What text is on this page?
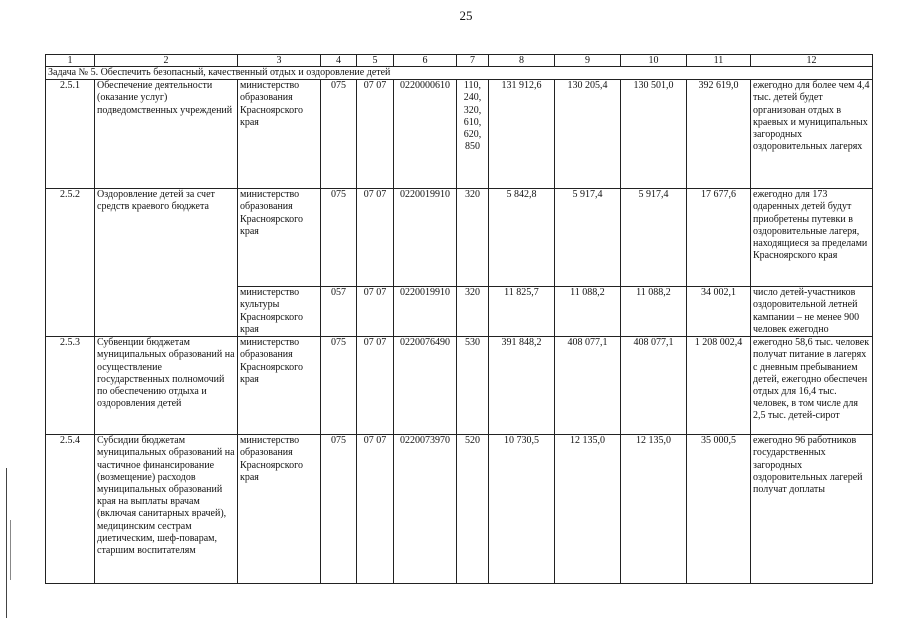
25
1	2	3	4	5	6	7	8	9	10	11	12
Задача № 5. Обеспечить безопасный, качественный отдых и оздоровление детей											
2.5.1	Обеспечение деятельности (оказание услуг) подведомственных учреждений	министерство образования Красноярского края	075	07 07	0220000610	110, 240, 320, 610, 620, 850	131 912,6	130 205,4	130 501,0	392 619,0	ежегодно для более чем 4,4 тыс. детей будет организован отдых в краевых и муниципальных загородных оздоровительных лагерях
2.5.2	Оздоровление детей за счет средств краевого бюджета	министерство образования Красноярского края	075	07 07	0220019910	320	5 842,8	5 917,4	5 917,4	17 677,6	ежегодно для 173 одаренных детей будут приобретены путевки в оздоровительные лагеря, находящиеся за пределами Красноярского края
		министерство культуры Красноярского края	057	07 07	0220019910	320	11 825,7	11 088,2	11 088,2	34 002,1	число детей-участников оздоровительной летней кампании – не менее 900 человек ежегодно
2.5.3	Субвенции бюджетам муниципальных образований на осуществление государственных полномочий по обеспечению отдыха и оздоровления детей	министерство образования Красноярского края	075	07 07	0220076490	530	391 848,2	408 077,1	408 077,1	1 208 002,4	ежегодно 58,6 тыс. человек получат питание в лагерях с дневным пребыванием детей, ежегодно обеспечен отдых для 16,4 тыс. человек, в том числе для 2,5 тыс. детей-сирот
2.5.4	Субсидии бюджетам муниципальных образований на частичное финансирование (возмещение) расходов муниципальных образований края на выплаты врачам (включая санитарных врачей), медицинским сестрам диетическим, шеф-поварам, старшим воспитателям	министерство образования Красноярского края	075	07 07	0220073970	520	10 730,5	12 135,0	12 135,0	35 000,5	ежегодно 96 работников государственных загородных оздоровительных лагерей получат доплаты
